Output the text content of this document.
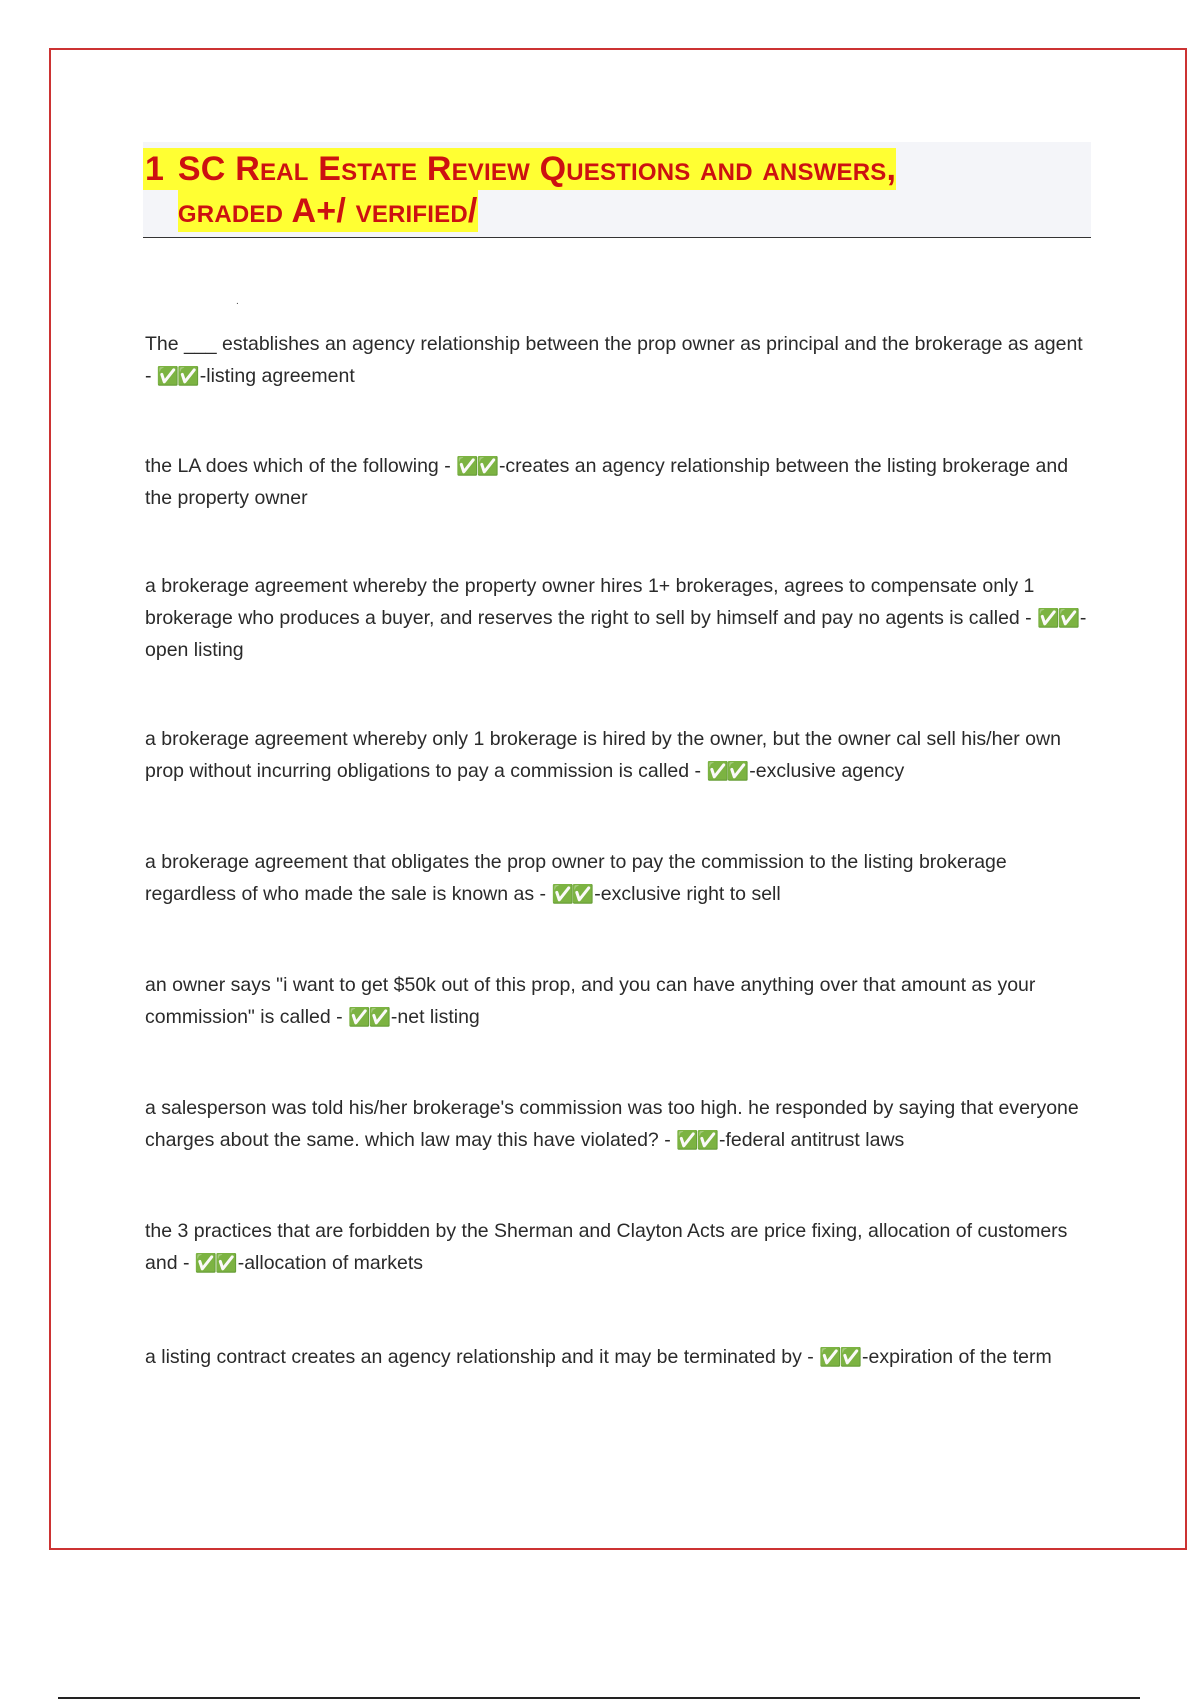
1 SC Real Estate Review Questions and answers,
graded A+/ verified/
.
The ___ establishes an agency relationship between the prop owner as principal and the brokerage as agent - ✅✅ -listing agreement
the LA does which of the following - ✅✅ -creates an agency relationship between the listing brokerage and the property owner
a brokerage agreement whereby the property owner hires 1+ brokerages, agrees to compensate only 1 brokerage who produces a buyer, and reserves the right to sell by himself and pay no agents is called - ✅✅ -open listing
a brokerage agreement whereby only 1 brokerage is hired by the owner, but the owner cal sell his/her own prop without incurring obligations to pay a commission is called - ✅✅ -exclusive agency
a brokerage agreement that obligates the prop owner to pay the commission to the listing brokerage regardless of who made the sale is known as - ✅✅ -exclusive right to sell
an owner says "i want to get $50k out of this prop, and you can have anything over that amount as your commission" is called - ✅✅ -net listing
a salesperson was told his/her brokerage's commission was too high. he responded by saying that everyone charges about the same. which law may this have violated? - ✅✅ -federal antitrust laws
the 3 practices that are forbidden by the Sherman and Clayton Acts are price fixing, allocation of customers and - ✅✅ -allocation of markets
a listing contract creates an agency relationship and it may be terminated by - ✅✅ -expiration of the term
